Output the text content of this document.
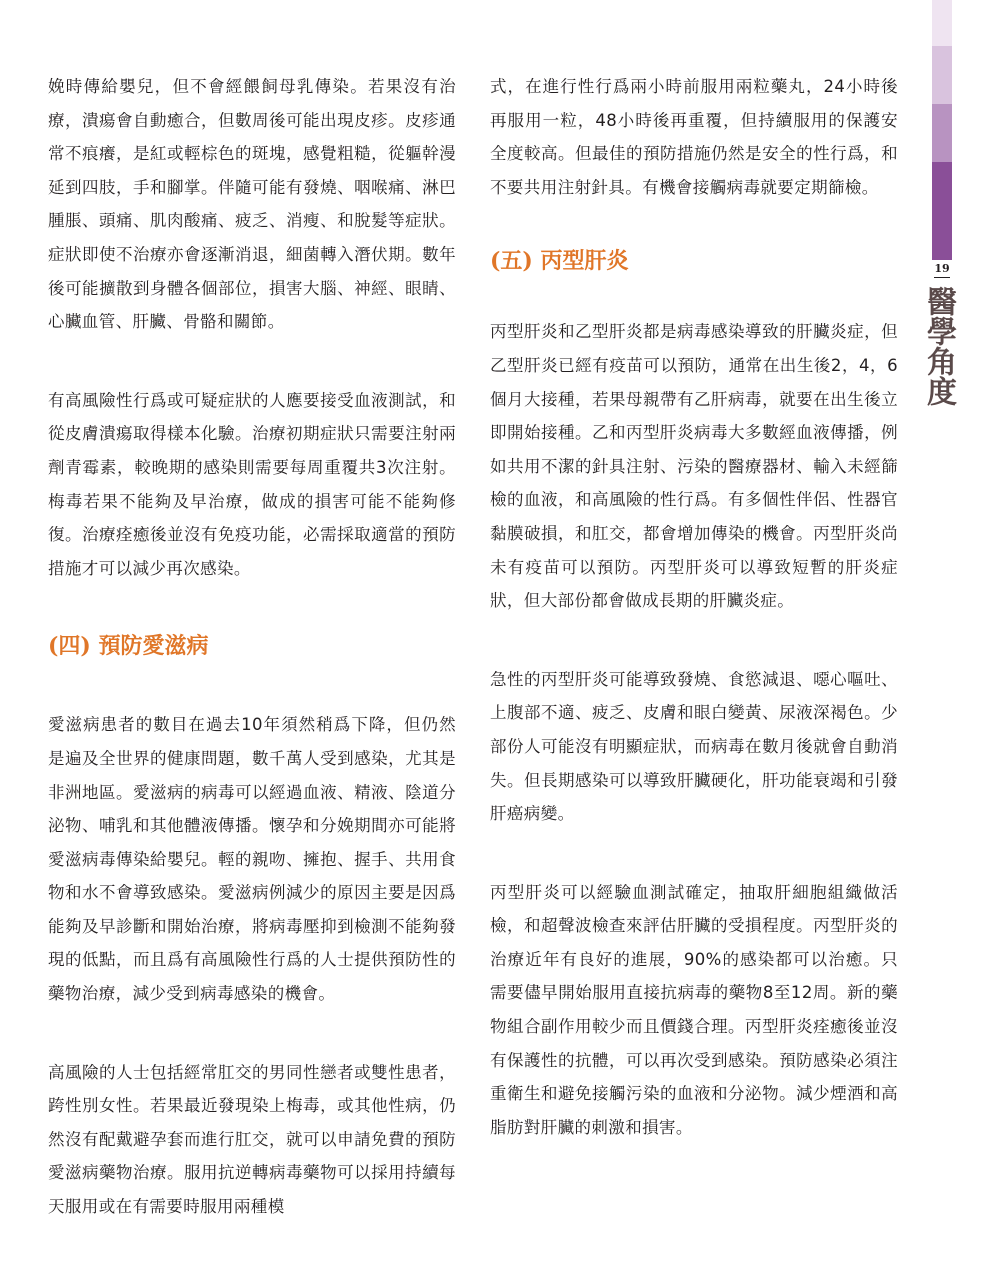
娩時傳給嬰兒，但不會經餵飼母乳傳染。若果沒有治療，潰瘍會自動癒合，但數周後可能出現皮疹。皮疹通常不痕癢，是紅或輕棕色的斑塊，感覺粗糙，從軀幹漫延到四肢，手和腳掌。伴隨可能有發燒、咽喉痛、淋巴腫脹、頭痛、肌肉酸痛、疲乏、消瘦、和脫髮等症狀。症狀即使不治療亦會逐漸消退，細菌轉入潛伏期。數年後可能擴散到身體各個部位，損害大腦、神經、眼睛、心臟血管、肝臟、骨骼和關節。

有高風險性行爲或可疑症狀的人應要接受血液測試，和從皮膚潰瘍取得樣本化驗。治療初期症狀只需要注射兩劑青霉素，較晚期的感染則需要每周重覆共3次注射。梅毒若果不能夠及早治療，做成的損害可能不能夠修復。治療痊癒後並沒有免疫功能，必需採取適當的預防措施才可以減少再次感染。

(四) 預防愛滋病

愛滋病患者的數目在過去10年須然稍爲下降，但仍然是遍及全世界的健康問題，數千萬人受到感染，尤其是非洲地區。愛滋病的病毒可以經過血液、精液、陰道分泌物、哺乳和其他體液傳播。懷孕和分娩期間亦可能將愛滋病毒傳染給嬰兒。輕的親吻、擁抱、握手、共用食物和水不會導致感染。愛滋病例減少的原因主要是因爲能夠及早診斷和開始治療，將病毒壓抑到檢測不能夠發現的低點，而且爲有高風險性行爲的人士提供預防性的藥物治療，減少受到病毒感染的機會。

高風險的人士包括經常肛交的男同性戀者或雙性患者，跨性別女性。若果最近發現染上梅毒，或其他性病，仍然沒有配戴避孕套而進行肛交，就可以申請免費的預防愛滋病藥物治療。服用抗逆轉病毒藥物可以採用持續每天服用或在有需要時服用兩種模

式，在進行性行爲兩小時前服用兩粒藥丸，24小時後再服用一粒，48小時後再重覆，但持續服用的保護安全度較高。但最佳的預防措施仍然是安全的性行爲，和不要共用注射針具。有機會接觸病毒就要定期篩檢。

(五) 丙型肝炎

丙型肝炎和乙型肝炎都是病毒感染導致的肝臟炎症，但乙型肝炎已經有疫苗可以預防，通常在出生後2，4，6個月大接種，若果母親帶有乙肝病毒，就要在出生後立即開始接種。乙和丙型肝炎病毒大多數經血液傳播，例如共用不潔的針具注射、污染的醫療器材、輸入未經篩檢的血液，和高風險的性行爲。有多個性伴侶、性器官黏膜破損，和肛交，都會增加傳染的機會。丙型肝炎尚未有疫苗可以預防。丙型肝炎可以導致短暫的肝炎症狀，但大部份都會做成長期的肝臟炎症。

急性的丙型肝炎可能導致發燒、食慾減退、噁心嘔吐、上腹部不適、疲乏、皮膚和眼白變黃、尿液深褐色。少部份人可能沒有明顯症狀，而病毒在數月後就會自動消失。但長期感染可以導致肝臟硬化，肝功能衰竭和引發肝癌病變。

丙型肝炎可以經驗血測試確定，抽取肝細胞組織做活檢，和超聲波檢查來評估肝臟的受損程度。丙型肝炎的治療近年有良好的進展，90%的感染都可以治癒。只需要儘早開始服用直接抗病毒的藥物8至12周。新的藥物組合副作用較少而且價錢合理。丙型肝炎痊癒後並沒有保護性的抗體，可以再次受到感染。預防感染必須注重衛生和避免接觸污染的血液和分泌物。減少煙酒和高脂肪對肝臟的刺激和損害。

19
醫學角度
